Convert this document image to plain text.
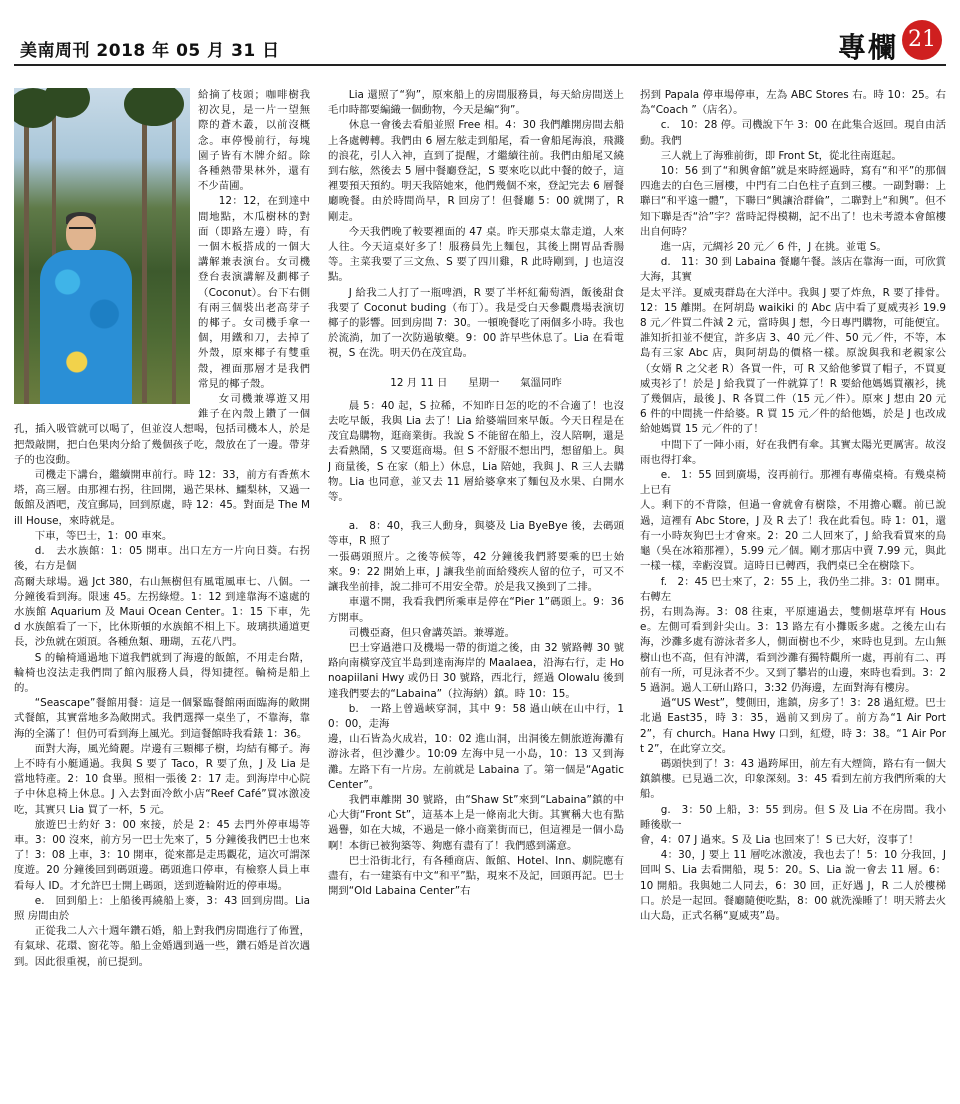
美南周刊 2018 年 05 月 31 日	專欄 21

給摘了枝頭；咖啡樹我初次見，是一片一望無際的蒼木叢，以前沒概念。車停慢前行，每塊園子皆有木牌介紹。除各種熱帶果林外，還有不少苗圃。

12：12，在到達中間地點，木瓜樹林的對面（即路左邊）時，有一個木板搭成的一個大講解兼表演台。女司機登台表演講解及劃椰子（Coconut）。台下右側有兩三個裝出老高芽子的椰子。女司機手拿一個，用鐵和刀，去掉了外殼，原來椰子有雙重殼，裡面那層才是我們常見的椰子殼。

女司機兼導遊又用錐子在內殼上鑽了一個孔，插入吸管就可以喝了，但並沒人想喝，包括司機本人，於是把殼敲開，把白色果肉分給了幾個孩子吃，殼放在了一邊。帶芽子的也沒動。

司機走下講台，繼續開車前行。時 12：33，前方有香蕉木塔，高三層。由那裡右拐，往回開，過芒果林、鱷梨林，又過一飯館及酒吧，茂宜郵局，回到原處，時 12：45。對面是 The Mill House，來時就是。

下車，等巴士，1：00 車來。

d.　去水族館：1：05 開車。出口左方一片向日葵。右拐後，右方是個

高爾夫球場。過 Jct 380，右山無樹但有風電風車七、八個。一分鐘後看到海。限速 45。左拐綠燈。1：12 到達靠海不遠處的水族館 Aquarium 及 Maui Ocean Center。1：15 下車，先 d 水族館看了一下，比休斯頓的水族館不相上下。玻璃拱通道更長，沙魚就在頭頂。各種魚類、珊瑚，五花八門。

S 的輪椅通過地下道我們就到了海邊的飯館，不用走台階，輪椅也沒法走我們問了館內服務人員，得知捷徑。輪椅是船上的。

“Seascape”餐館用餐：這是一個緊臨餐館兩面臨海的敞開式餐館，其實當地多為敞開式。我們選擇一桌坐了，不靠海，靠海的全滿了！但仍可看到海上風光。到這餐館時我看錶 1：36。

面對大海，風光綺麗。岸邊有三顆椰子樹，均結有椰子。海上不時有小艇通過。我與 S 要了 Taco，R 要了魚，J 及 Lia 是當地特產。2：10 食畢。照相一張後 2：17 走。到海岸中心院子中休息椅上休息。J 入去對面冷飲小店“Reef Café”買冰激凌吃，其實只 Lia 買了一杯，5 元。

旅遊巴士約好 3：00 來接，於是 2：45 去門外停車場等車。3：00 沒來，前方另一巴士先來了，5 分鐘後我們巴士也來了！3：08 上車，3：10 開車，從來都是走馬觀花，這次可謂深度遊。20 分鐘後回到碼頭邊。碼頭進口停車，有檢察人員上車看每人 ID。才允許巴士開上碼頭，送到遊輪附近的停車場。

e.　回到船上：上船後再繞船上麥，3：43 回到房間。Lia 照 房間由於

正從我二人六十週年鑽石婚，船上對我們房間進行了佈置，有氣球、花環、窗花等。船上金婚遇到過一些，鑽石婚是首次遇到。因此很重視，前已提到。

Lia 還照了“狗”，原來船上的房間服務員，每天給房間送上毛巾時都要編織一個動物，今天是編“狗”。

休息一會後去看船並照 Free 相。4：30 我們離開房間去船上各處轉轉。我們由 6 層左舷走到船尾，看一會船尾海浪，飛濺的浪花，引人入神，直到了提醒，才繼續往前。我們由船尾又繞到右舷，然後去 5 層中餐廳登記，S 要來吃以此中餐的餃子，這裡要預天預約。明天我陪她來，他們幾個不來，登記完去 6 層餐廳晚餐。由於時間尚早，R 回房了！但餐廳 5：00 就開了，R 剛走。

今天我們晚了較要裡面的 47 桌。昨天那桌太靠走道，人來人往。今天這桌好多了！服務員先上麵包，其後上開胃品香腸等。主菜我要了三文魚、S 要了四川雞，R 此時剛到，J 也這沒點。

J 給我二人打了一瓶啤酒，R 要了半杯紅葡萄酒，飯後甜食我要了 Coconut buding（布丁）。我是受白天參觀農場表演切椰子的影響。回到房間 7：30。一頓晚餐吃了兩個多小時。我也於流淌，加了一次防過敏藥。9：00 許早些休息了。Lia 在看電視，S 在洗。明天仍在茂宜島。

12 月 11 日　　星期一　　氣溫同昨

晨 5：40 起，S 拉稀，不知昨日怎的吃的不合適了！也沒去吃早飯，我與 Lia 去了！Lia 給婆端回來早飯。今天日程是在茂宜島購物，逛商業街。我說 S 不能留在船上，沒人陪啊，還是去看熱鬧，S 又要逛商場。但 S 不舒服不想出門，想留船上。與 J 商量後，S 在家（船上）休息，Lia 陪她，我與 J、R 三人去購物。Lia 也同意，並又去 11 層給婆拿來了麵包及水果、白開水等。

a.　8：40，我三人動身，與婆及 Lia ByeBye 後，去碼頭等車，R 照了

一張碼頭照片。之後等候等，42 分鐘後我們將要乘的巴士始來。9：22 開始上車，J 讓我坐前面給殘疾人留的位子，可又不讓我坐前排，說二排可不用安全帶。於是我又換到了二排。

車還不開，我看我們所乘車是停在“Pier 1”碼頭上。9：36 方開車。

司機亞裔，但只會講英語。兼導遊。

巴士穿過港口及機場一帶的街道之後，由 32 號路轉 30 號路向南橫穿茂宜半島到達南海岸的 Maalaea，沿海右行，走 Honoapiilani Hwy 或仍日 30 號路，西北行，經過 Olowalu 後到達我們要去的“Labaina”（拉海納）鎮。時 10：15。

b.　一路上曾過峽穿洞，其中 9：58 過山峽在山中行，10：00，走海

邊，山石皆為火成岩，10：02 進山洞，出洞後左側旅遊海灘有游泳者，但沙灘少。10:09 左海中見一小島，10：13 又到海灘。左路下有一片房。左前就是 Labaina 了。第一個是“Agatic Center”。

我們車離開 30 號路，由“Shaw St”來到“Labaina”鎮的中心大街“Front St”，這基本上是一條南北大街。其實稱大也有點過譽，如在大城，不過是一條小商業街而已，但這裡是一個小島啊！本街已被狗築等、夠應有盡有了！我們感到滿意。

巴士沿街北行，有各種商店、飯館、Hotel、Inn、劇院應有盡有，右一建築有中文“和平”點，現來不及記，回頭再記。巴士開到“Old Labaina Center”右

拐到 Papala 停車場停車，左為 ABC Stores 右。時 10：25。右為“Coach ”（店名）。

c.　10：28 停。司機說下午 3：00 在此集合返回。現自由活動。我們

三人就上了海雅前街，即 Front St，從北往南逛起。

10：56 到了“和興會館”就是來時經過時，寫有“和平”的那個四進去的白色三層樓，中門有二白色柱子直到三樓。一副對聯：上聯曰“和平遠一體”，下聯曰“興讓洽群倫”，二聯對上“和興”。但不知下聯是否“洽”字？當時記得模糊，記不出了！也未考證本會館樓出自何時？

進一店，元綢衫 20 元／ 6 件，J 在挑。並電 S。

d.　11：30 到 Labaina 餐廳午餐。該店在靠海一面，可欣賞大海，其實

是太平洋。夏威夷群島在大洋中。我與 J 要了炸魚，R 要了排骨。12：15 離開。在阿胡島 waikiki 的 Abc 店中看了夏威夷衫 19.98 元／件買二件減 2 元，當時與 J 想，今日專門購物，可能便宜。誰知折扣並不便宜，許多店 3、40 元／件、50 元／件，不等，本島有三家 Abc 店，與阿胡島的價格一樣。原說與我和老親家公（女婿 R 之父老 R）各買一件，可 R 又給他爹買了帽子，不買夏威夷衫了！於是 J 給我買了一件就算了！R 要給他媽媽買襯衫，挑了幾個店，最後 J、R 各買二件（15 元／件）。原來 J 想由 20 元 6 件的中間挑一件給婆。R 買 15 元／件的給他媽，於是 J 也改成給她媽買 15 元／件的了！

中間下了一陣小雨，好在我們有傘。其實太陽光更厲害。故沒雨也得打傘。

e.　1：55 回到廣場，沒再前行。那裡有專備桌椅。有幾桌椅上已有

人。剩下的不背陰，但過一會就會有樹陰，不用擔心曬。前已說過，這裡有 Abc Store，J 及 R 去了！我在此看包。時 1：01，還有一小時灰狗巴士才會來。2：20 二人回來了，J 給我看買來的鳥龜（吳在冰箱那裡），5.99 元／個。剛才那店中賣 7.99 元，與此一樣一樣，幸虧沒買。這時日已轉西，我們桌已全在樹陰下。

f.　2：45 巴士來了，2：55 上，我仍坐二排。3：01 開車。右轉左

拐，右則為海。3：08 往東，平原連過去，雙側堪草坪有 House。左側可看到針尖山。3：13 路左有小攤販多處。之後左山右海，沙灘多處有游泳者多人，側面樹也不少，來時也見到。左山無樹山也不高，但有沖溝，看到沙灘有獨特觀所一處，再前有二、再前有一所，可見泳者不少。又到了攀岩的山邊，來時也看到。3：25 過洞。過人工研山路口，3:32 仍海邊，左面對海有樓房。

過“US West”，雙側田，進鎮，房多了！3：28 過紅燈。巴士北過 East35，時 3：35，過前又到房了。前方為“1 Air Port 2”，有 church。Hana Hwy 口到，紅燈，時 3：38。“1 Air Port 2”，在此穿立交。

碼頭快到了！3：43 過跨犀田，前左有大煙筒，路右有一個大鎮鎮樓。已見過二次，印象深刻。3：45 看到左前方我們所乘的大船。

g.　3：50 上船，3：55 到房。但 S 及 Lia 不在房間。我小睡後歇一

會，4：07 J 過來。S 及 Lia 也回來了！S 已大好，沒事了！

4：30，J 要上 11 層吃冰激凌，我也去了！5：10 分我回，J 回叫 S、Lia 去看開船，現 5：20。S、Lia 說一會去 11 層。6：10 開船。我與她二人同去，6：30 回，正好遇 J，R 二人於樓梯口。於是一起回。餐廳隨便吃點，8：00 就洗澡睡了！明天將去火山大島，正式名稱“夏威夷”島。
